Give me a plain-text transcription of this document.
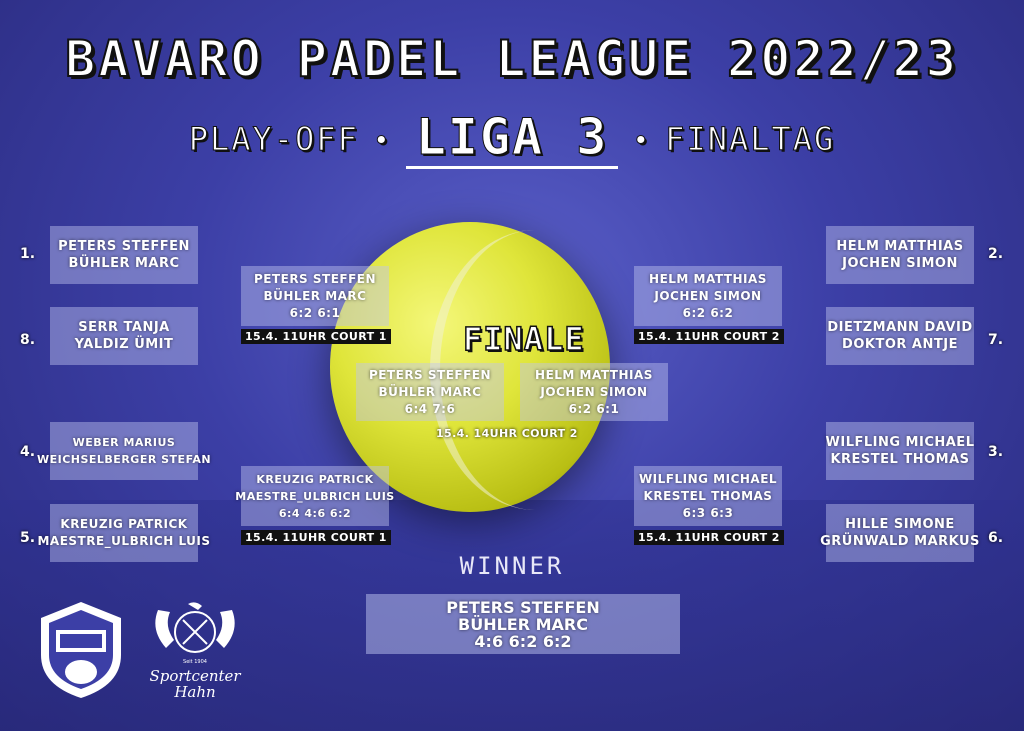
BAVARO PADEL LEAGUE 2022/23
PLAY-OFF • LIGA 3 • FINALTAG
1. PETERS STEFFEN
BÜHLER MARC
8.
SERR TANJA
YALDIZ ÜMIT
4.
WEBER MARIUS
WEICHSELBERGER STEFAN
5.
KREUZIG PATRICK
MAESTRE_ULBRICH LUIS
2.
HELM MATTHIAS
JOCHEN SIMON
7.
DIETZMANN DAVID
DOKTOR ANTJE
3.
WILFLING MICHAEL
KRESTEL THOMAS
6.
HILLE SIMONE
GRÜNWALD MARKUS
PETERS STEFFEN
BÜHLER MARC
6:2 6:1
15.4. 11UHR COURT 1
HELM MATTHIAS
JOCHEN SIMON
6:2 6:2
15.4. 11UHR COURT 2
KREUZIG PATRICK
MAESTRE_ULBRICH LUIS
6:4 4:6 6:2
15.4. 11UHR COURT 1
WILFLING MICHAEL
KRESTEL THOMAS
6:3 6:3
15.4. 11UHR COURT 2
FINALE
PETERS STEFFEN
BÜHLER MARC
6:4 7:6
HELM MATTHIAS
JOCHEN SIMON
6:2 6:1
15.4. 14UHR COURT 2
WINNER
PETERS STEFFEN
BÜHLER MARC
4:6 6:2 6:2
Seit 1904
Sportcenter
Hahn
